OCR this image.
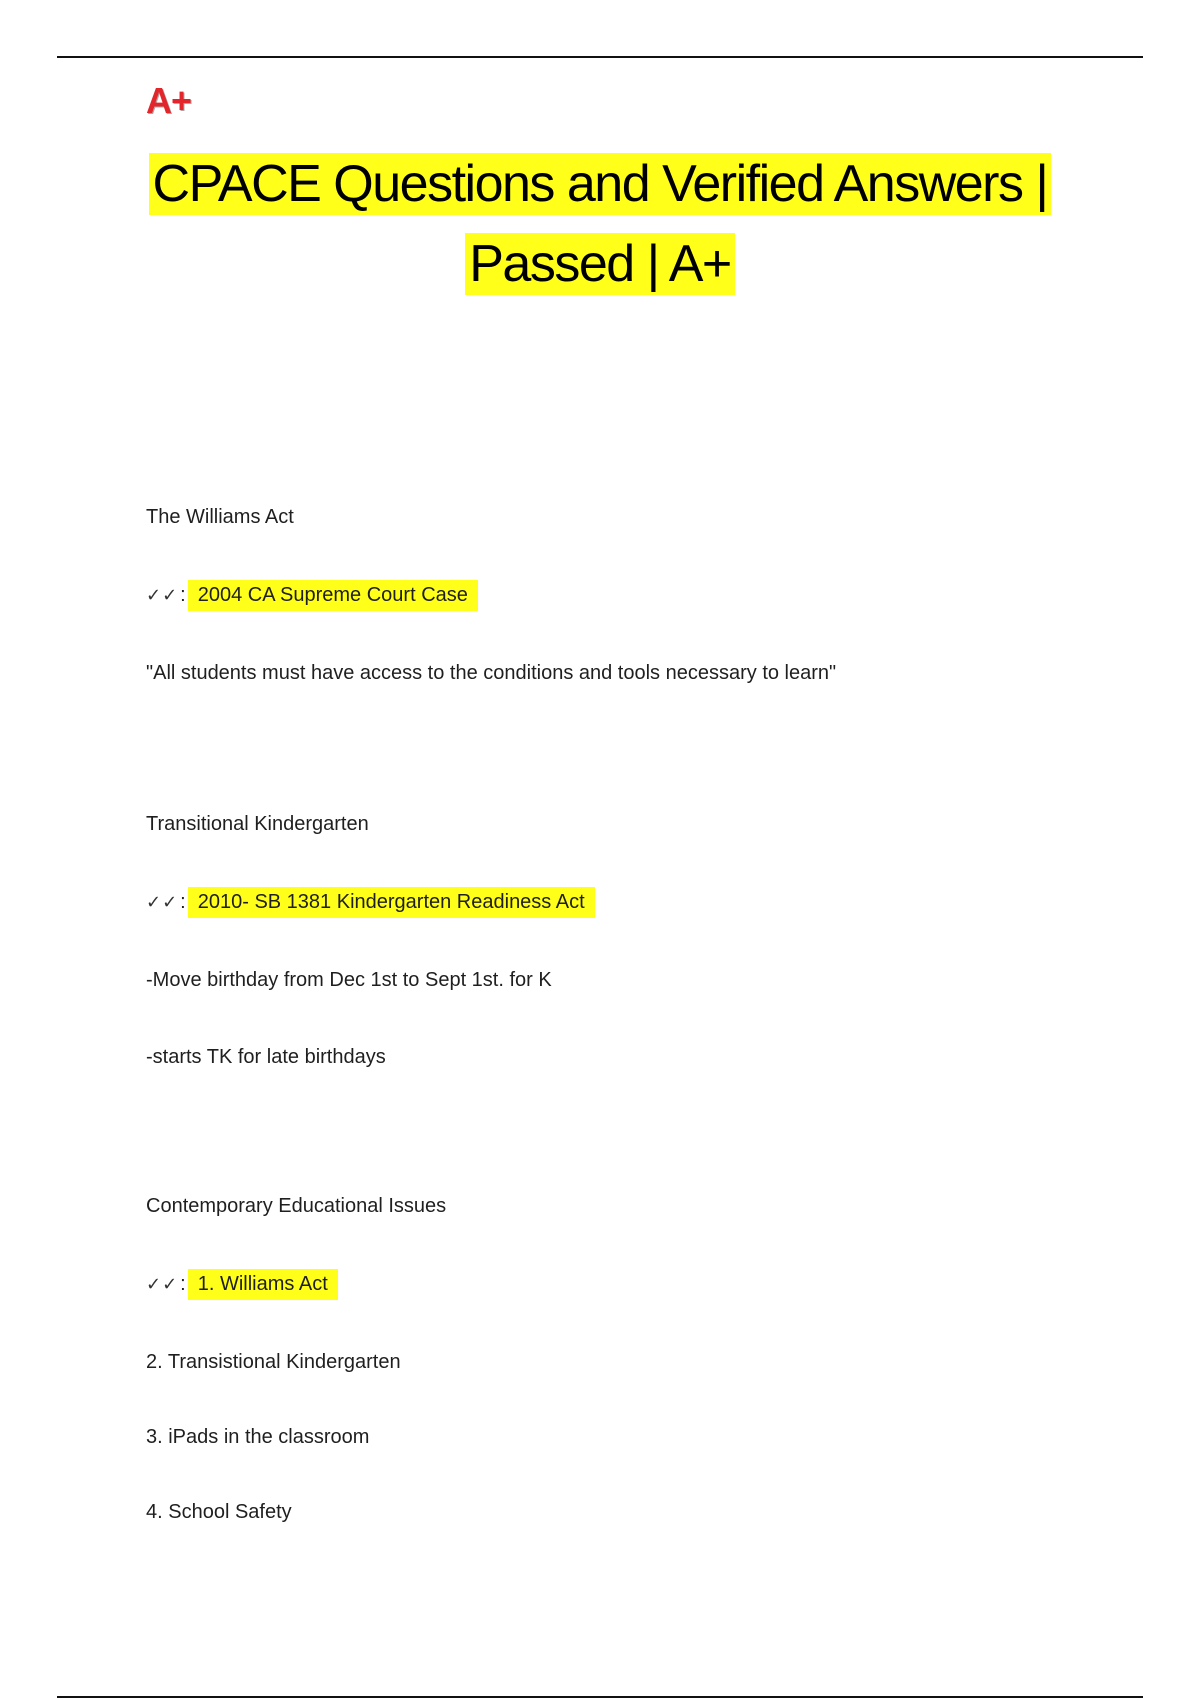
A+
CPACE Questions and Verified Answers |
Passed | A+
The Williams Act
✓✓ : 2004 CA Supreme Court Case
"All students must have access to the conditions and tools necessary to learn"
Transitional Kindergarten
✓✓ : 2010- SB 1381 Kindergarten Readiness Act
-Move birthday from Dec 1st to Sept 1st. for K
-starts TK for late birthdays
Contemporary Educational Issues
✓✓ : 1. Williams Act
2. Transistional Kindergarten
3. iPads in the classroom
4. School Safety
